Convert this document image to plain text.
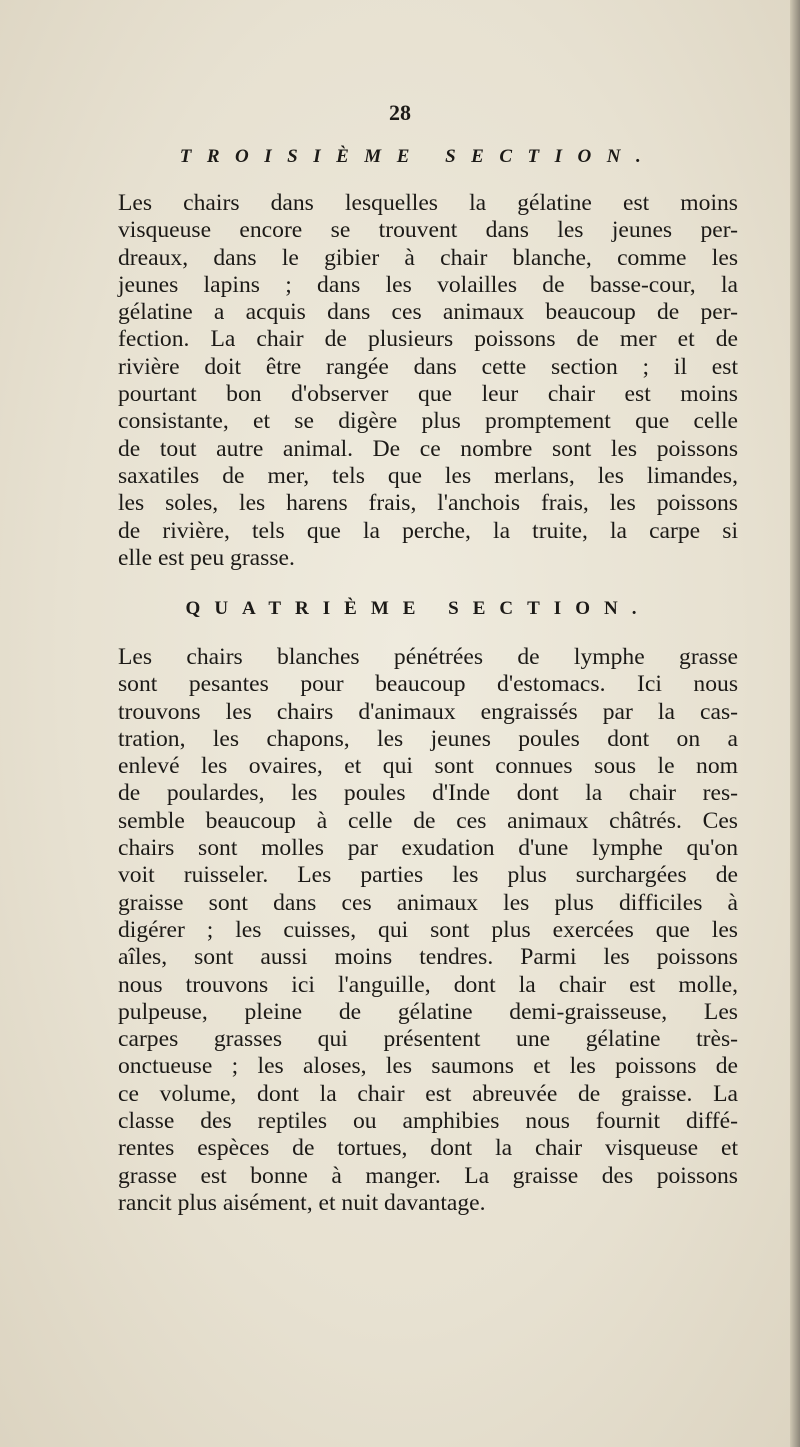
28
TROISIÈME SECTION.
Les chairs dans lesquelles la gélatine est moins
visqueuse encore se trouvent dans les jeunes per-
dreaux, dans le gibier à chair blanche, comme les
jeunes lapins ; dans les volailles de basse-cour, la
gélatine a acquis dans ces animaux beaucoup de per-
fection. La chair de plusieurs poissons de mer et de
rivière doit être rangée dans cette section ; il est
pourtant bon d'observer que leur chair est moins
consistante, et se digère plus promptement que celle
de tout autre animal. De ce nombre sont les poissons
saxatiles de mer, tels que les merlans, les limandes,
les soles, les harens frais, l'anchois frais, les poissons
de rivière, tels que la perche, la truite, la carpe si
elle est peu grasse.
QUATRIÈME SECTION.
Les chairs blanches pénétrées de lymphe grasse
sont pesantes pour beaucoup d'estomacs. Ici nous
trouvons les chairs d'animaux engraissés par la cas-
tration, les chapons, les jeunes poules dont on a
enlevé les ovaires, et qui sont connues sous le nom
de poulardes, les poules d'Inde dont la chair res-
semble beaucoup à celle de ces animaux châtrés. Ces
chairs sont molles par exudation d'une lymphe qu'on
voit ruisseler. Les parties les plus surchargées de
graisse sont dans ces animaux les plus difficiles à
digérer ; les cuisses, qui sont plus exercées que les
aîles, sont aussi moins tendres. Parmi les poissons
nous trouvons ici l'anguille, dont la chair est molle,
pulpeuse, pleine de gélatine demi-graisseuse, Les
carpes grasses qui présentent une gélatine très-
onctueuse ; les aloses, les saumons et les poissons de
ce volume, dont la chair est abreuvée de graisse. La
classe des reptiles ou amphibies nous fournit diffé-
rentes espèces de tortues, dont la chair visqueuse et
grasse est bonne à manger. La graisse des poissons
rancit plus aisément, et nuit davantage.
